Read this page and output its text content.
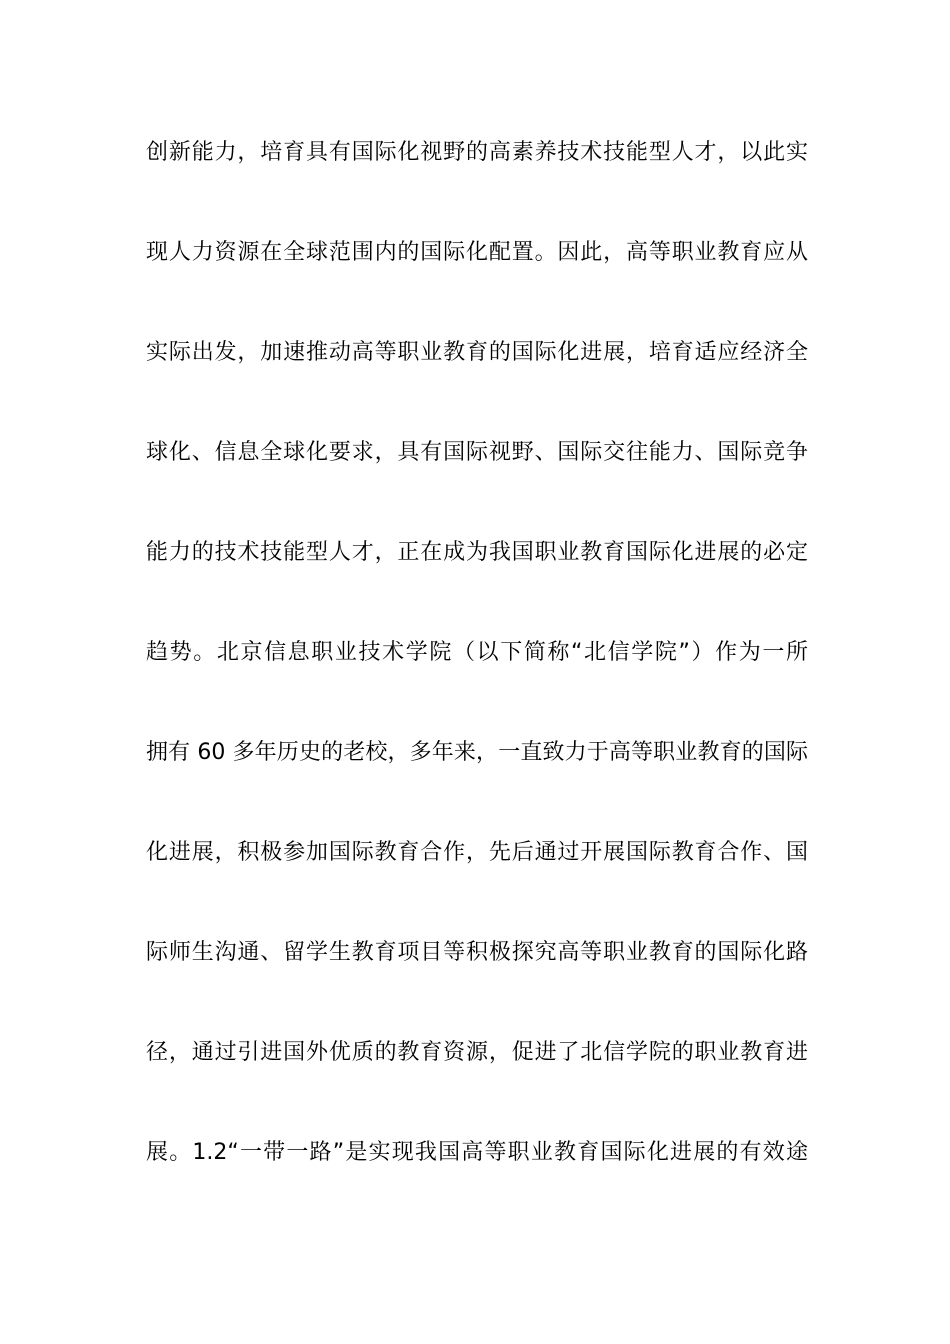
创新能力，培育具有国际化视野的高素养技术技能型人才，以此实
现人力资源在全球范围内的国际化配置。因此，高等职业教育应从
实际出发，加速推动高等职业教育的国际化进展，培育适应经济全
球化、信息全球化要求，具有国际视野、国际交往能力、国际竞争
能力的技术技能型人才，正在成为我国职业教育国际化进展的必定
趋势。北京信息职业技术学院（以下简称“北信学院”）作为一所
拥有 60 多年历史的老校，多年来，一直致力于高等职业教育的国际
化进展，积极参加国际教育合作，先后通过开展国际教育合作、国
际师生沟通、留学生教育项目等积极探究高等职业教育的国际化路
径，通过引进国外优质的教育资源，促进了北信学院的职业教育进
展。1.2“一带一路”是实现我国高等职业教育国际化进展的有效途
